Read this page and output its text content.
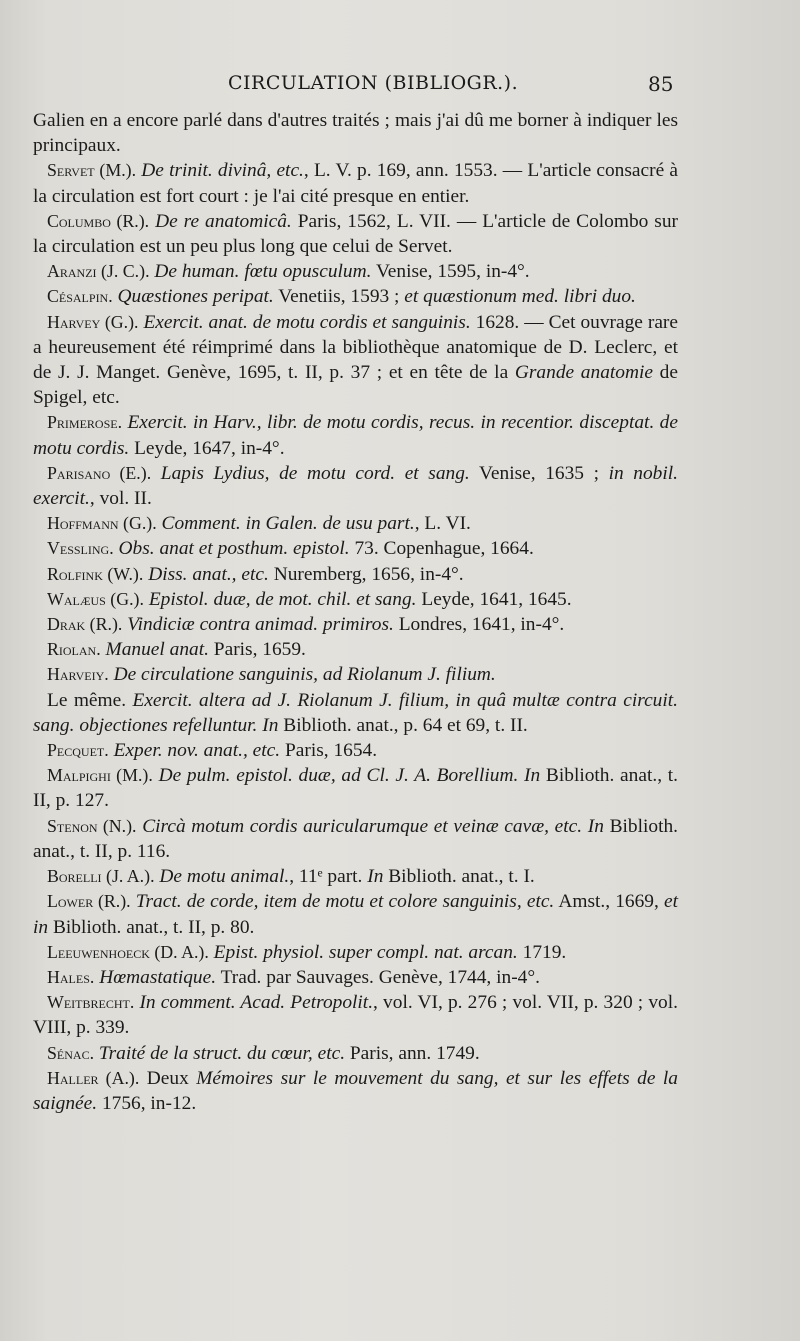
CIRCULATION (BIBLIOGR.).	85

Galien en a encore parlé dans d'autres traités ; mais j'ai dû me borner à indiquer les principaux.

Servet (M.). De trinit. divinâ, etc., L. V. p. 169, ann. 1553. — L'article consacré à la circulation est fort court : je l'ai cité presque en entier.

Columbo (R.). De re anatomicâ. Paris, 1562, L. VII. — L'article de Colombo sur la circulation est un peu plus long que celui de Servet.

Aranzi (J. C.). De human. fœtu opusculum. Venise, 1595, in-4°.

Césalpin. Quæstiones peripat. Venetiis, 1593 ; et quæstionum med. libri duo.

Harvey (G.). Exercit. anat. de motu cordis et sanguinis. 1628. — Cet ouvrage rare a heureusement été réimprimé dans la bibliothèque anatomique de D. Leclerc, et de J. J. Manget. Genève, 1695, t. II, p. 37 ; et en tête de la Grande anatomie de Spigel, etc.

Primerose. Exercit. in Harv., libr. de motu cordis, recus. in recentior. disceptat. de motu cordis. Leyde, 1647, in-4°.

Parisano (E.). Lapis Lydius, de motu cord. et sang. Venise, 1635 ; in nobil. exercit., vol. II.

Hoffmann (G.). Comment. in Galen. de usu part., L. VI.

Vessling. Obs. anat et posthum. epistol. 73. Copenhague, 1664.

Rolfink (W.). Diss. anat., etc. Nuremberg, 1656, in-4°.

Walæus (G.). Epistol. duæ, de mot. chil. et sang. Leyde, 1641, 1645.

Drak (R.). Vindiciæ contra animad. primiros. Londres, 1641, in-4°.

Riolan. Manuel anat. Paris, 1659.

Harveiy. De circulatione sanguinis, ad Riolanum J. filium.

Le même. Exercit. altera ad J. Riolanum J. filium, in quâ multæ contra circuit. sang. objectiones refelluntur. In Biblioth. anat., p. 64 et 69, t. II.

Pecquet. Exper. nov. anat., etc. Paris, 1654.

Malpighi (M.). De pulm. epistol. duæ, ad Cl. J. A. Borellium. In Biblioth. anat., t. II, p. 127.

Stenon (N.). Circà motum cordis auricularumque et veinæ cavæ, etc. In Biblioth. anat., t. II, p. 116.

Borelli (J. A.). De motu animal., 11ᵉ part. In Biblioth. anat., t. I.

Lower (R.). Tract. de corde, item de motu et colore sanguinis, etc. Amst., 1669, et in Biblioth. anat., t. II, p. 80.

Leeuwenhoeck (D. A.). Epist. physiol. super compl. nat. arcan. 1719.

Hales. Hœmastatique. Trad. par Sauvages. Genève, 1744, in-4°.

Weitbrecht. In comment. Acad. Petropolit., vol. VI, p. 276 ; vol. VII, p. 320 ; vol. VIII, p. 339.

Sénac. Traité de la struct. du cœur, etc. Paris, ann. 1749.

Haller (A.). Deux Mémoires sur le mouvement du sang, et sur les effets de la saignée. 1756, in-12.
